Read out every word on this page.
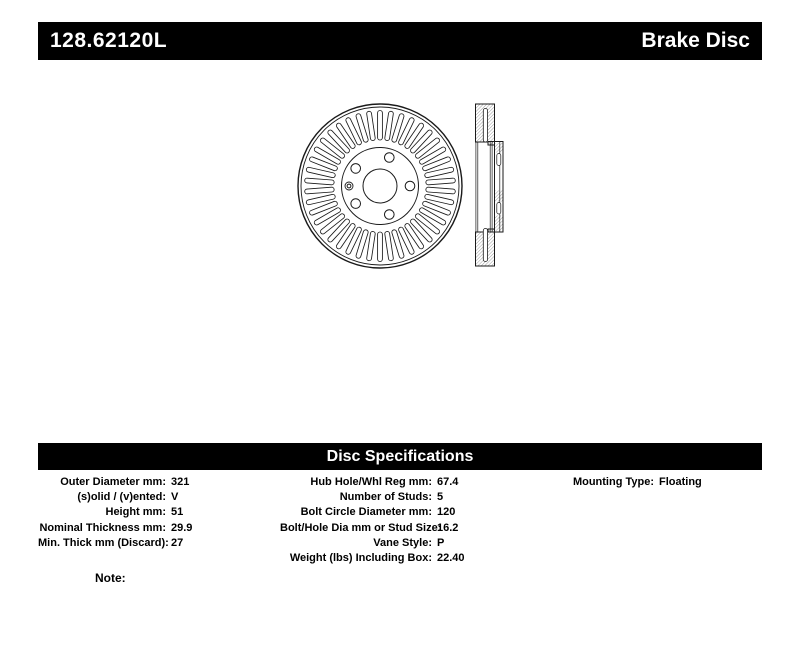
128.62120L	Brake Disc
Disc Specifications
Outer Diameter mm: 321
(s)olid / (v)ented: V
Height mm: 51
Nominal Thickness mm: 29.9
Min. Thick mm (Discard): 27
Hub Hole/Whl Reg mm: 67.4
Number of Studs: 5
Bolt Circle Diameter mm: 120
Bolt/Hole Dia mm or Stud Size:
16.2
Vane Style: P
Weight (lbs) Including Box: 22.40
Mounting Type: Floating
Note:
